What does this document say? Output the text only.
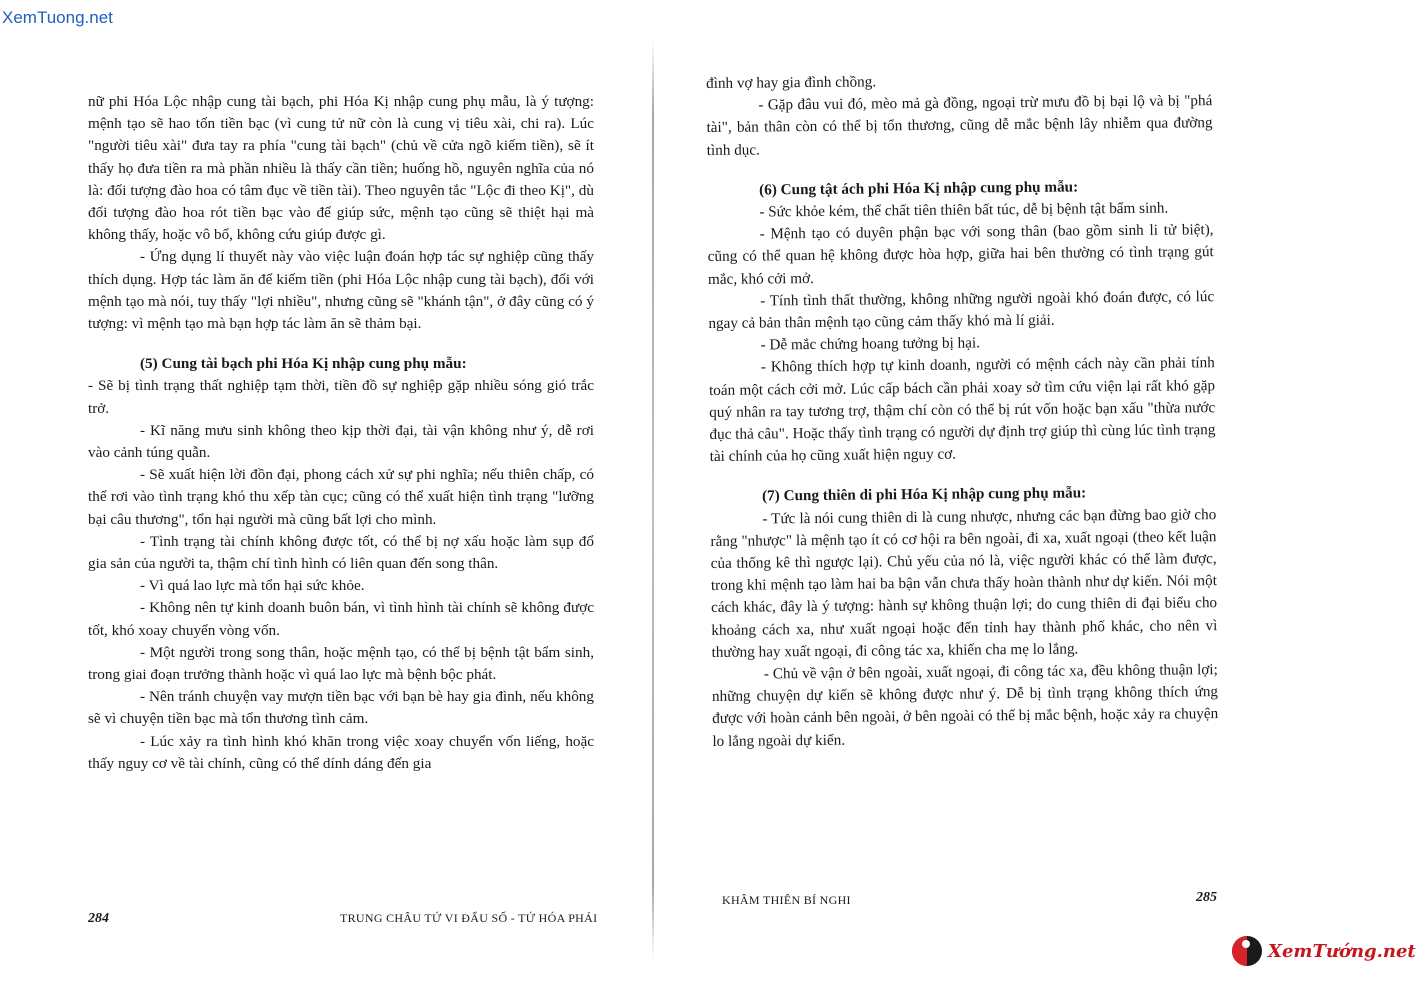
XemTuong.net

nữ phi Hóa Lộc nhập cung tài bạch, phi Hóa Kị nhập cung phụ mẫu, là ý tượng: mệnh tạo sẽ hao tốn tiền bạc (vì cung tử nữ còn là cung vị tiêu xài, chi ra). Lúc "người tiêu xài" đưa tay ra phía "cung tài bạch" (chủ về cửa ngõ kiếm tiền), sẽ ít thấy họ đưa tiền ra mà phần nhiều là thấy cần tiền; huống hồ, nguyên nghĩa của nó là: đối tượng đào hoa có tâm đục về tiền tài). Theo nguyên tắc "Lộc đi theo Kị", dù đối tượng đào hoa rót tiền bạc vào để giúp sức, mệnh tạo cũng sẽ thiệt hại mà không thấy, hoặc vô bổ, không cứu giúp được gì.

- Ứng dụng lí thuyết này vào việc luận đoán hợp tác sự nghiệp cũng thấy thích dụng. Hợp tác làm ăn để kiếm tiền (phi Hóa Lộc nhập cung tài bạch), đối với mệnh tạo mà nói, tuy thấy "lợi nhiều", nhưng cũng sẽ "khánh tận", ở đây cũng có ý tượng: vì mệnh tạo mà bạn hợp tác làm ăn sẽ thảm bại.

(5) Cung tài bạch phi Hóa Kị nhập cung phụ mẫu:

- Sẽ bị tình trạng thất nghiệp tạm thời, tiền đồ sự nghiệp gặp nhiều sóng gió trắc trở.

- Kĩ năng mưu sinh không theo kịp thời đại, tài vận không như ý, dễ rơi vào cảnh túng quẫn.

- Sẽ xuất hiện lời đồn đại, phong cách xử sự phi nghĩa; nếu thiên chấp, có thể rơi vào tình trạng khó thu xếp tàn cục; cũng có thể xuất hiện tình trạng "lưỡng bại câu thương", tổn hại người mà cũng bất lợi cho mình.

- Tình trạng tài chính không được tốt, có thể bị nợ xấu hoặc làm sụp đổ gia sản của người ta, thậm chí tình hình có liên quan đến song thân.

- Vì quá lao lực mà tổn hại sức khỏe.

- Không nên tự kinh doanh buôn bán, vì tình hình tài chính sẽ không được tốt, khó xoay chuyển vòng vốn.

- Một người trong song thân, hoặc mệnh tạo, có thể bị bệnh tật bẩm sinh, trong giai đoạn trưởng thành hoặc vì quá lao lực mà bệnh bộc phát.

- Nên tránh chuyện vay mượn tiền bạc với bạn bè hay gia đình, nếu không sẽ vì chuyện tiền bạc mà tổn thương tình cảm.

- Lúc xảy ra tình hình khó khăn trong việc xoay chuyển vốn liếng, hoặc thấy nguy cơ về tài chính, cũng có thể dính dáng đến gia

284	TRUNG CHÂU TỨ VI ĐẨU SỐ - TỨ HÓA PHÁI

đình vợ hay gia đình chồng.

- Gặp đâu vui đó, mèo mả gà đồng, ngoại trừ mưu đồ bị bại lộ và bị "phá tài", bản thân còn có thể bị tổn thương, cũng dễ mắc bệnh lây nhiễm qua đường tình dục.

(6) Cung tật ách phi Hóa Kị nhập cung phụ mẫu:

- Sức khỏe kém, thể chất tiên thiên bất túc, dễ bị bệnh tật bẩm sinh.

- Mệnh tạo có duyên phận bạc với song thân (bao gồm sinh li tử biệt), cũng có thể quan hệ không được hòa hợp, giữa hai bên thường có tình trạng gút mắc, khó cởi mở.

- Tính tình thất thường, không những người ngoài khó đoán được, có lúc ngay cả bản thân mệnh tạo cũng cảm thấy khó mà lí giải.

- Dễ mắc chứng hoang tưởng bị hại.

- Không thích hợp tự kinh doanh, người có mệnh cách này cần phải tính toán một cách cởi mở. Lúc cấp bách cần phải xoay sở tìm cứu viện lại rất khó gặp quý nhân ra tay tương trợ, thậm chí còn có thể bị rút vốn hoặc bạn xấu "thừa nước đục thả câu". Hoặc thấy tình trạng có người dự định trợ giúp thì cùng lúc tình trạng tài chính của họ cũng xuất hiện nguy cơ.

(7) Cung thiên di phi Hóa Kị nhập cung phụ mẫu:

- Tức là nói cung thiên di là cung nhược, nhưng các bạn đừng bao giờ cho rằng "nhược" là mệnh tạo ít có cơ hội ra bên ngoài, đi xa, xuất ngoại (theo kết luận của thống kê thì ngược lại). Chủ yếu của nó là, việc người khác có thể làm được, trong khi mệnh tạo làm hai ba bận vẫn chưa thấy hoàn thành như dự kiến. Nói một cách khác, đây là ý tượng: hành sự không thuận lợi; do cung thiên di đại biểu cho khoảng cách xa, như xuất ngoại hoặc đến tỉnh hay thành phố khác, cho nên vì thường hay xuất ngoại, đi công tác xa, khiến cha mẹ lo lắng.

- Chủ về vận ở bên ngoài, xuất ngoại, đi công tác xa, đều không thuận lợi; những chuyện dự kiến sẽ không được như ý. Dễ bị tình trạng không thích ứng được với hoàn cảnh bên ngoài, ở bên ngoài có thể bị mắc bệnh, hoặc xảy ra chuyện lo lắng ngoài dự kiến.

KHÂM THIÊN BÍ NGHI	285
XemTướng.net
